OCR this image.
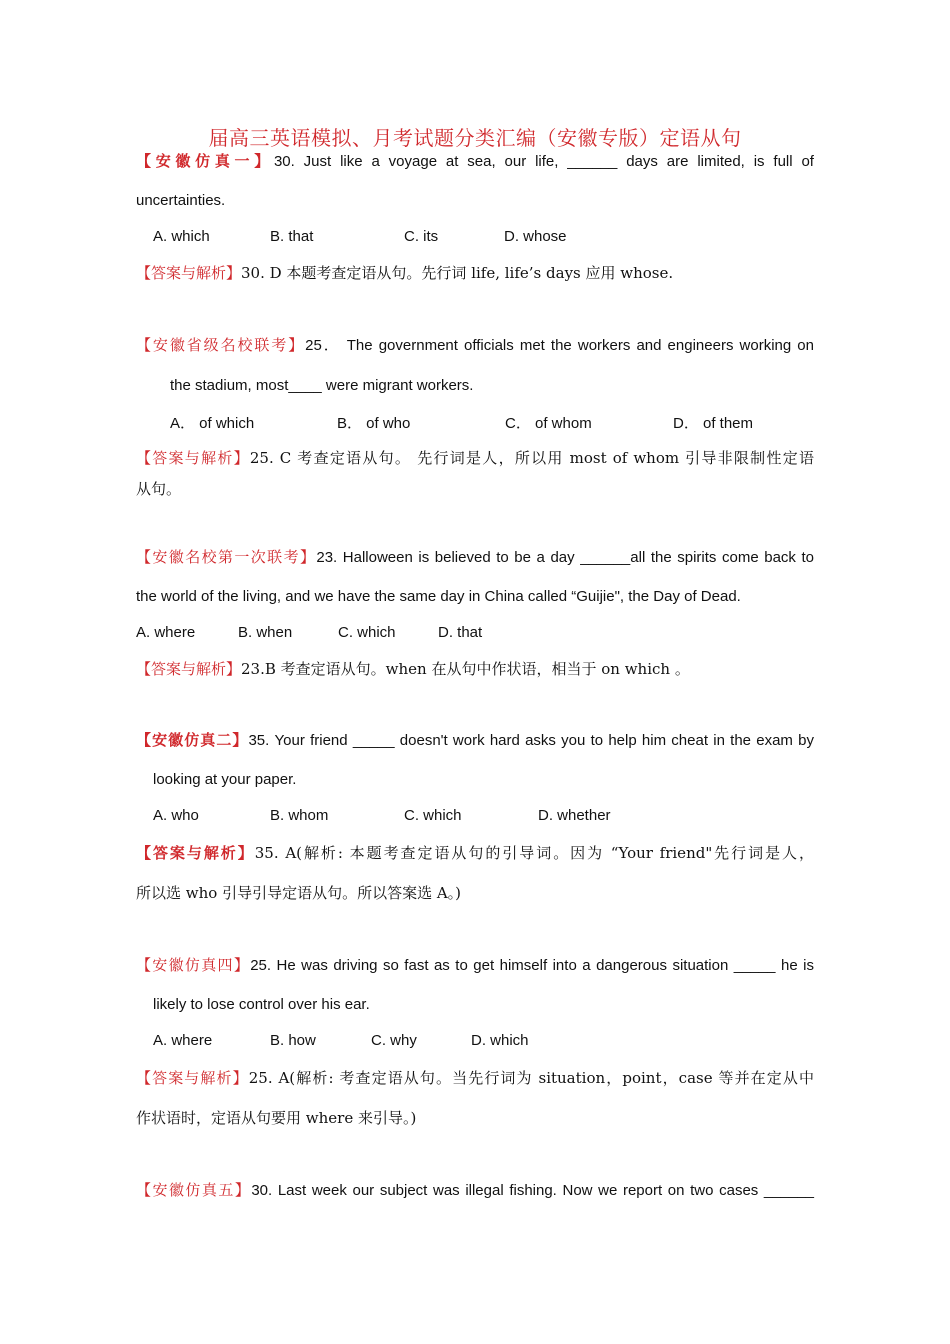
届高三英语模拟、月考试题分类汇编（安徽专版）定语从句
【安徽仿真一】30. Just like a voyage at sea, our life, ______ days are limited, is full of
uncertainties.
A. which	B. that	C. its	D. whose
【答案与解析】30. D 本题考查定语从句。先行词 life, life’s days 应用 whose.
【安徽省级名校联考】25． The government officials met the workers and engineers working on
the stadium, most____ were migrant workers.
A． of which	B． of who	C． of whom	D． of them
【答案与解析】25. C 考查定语从句。 先行词是人，所以用 most of whom 引导非限制性定语
从句。
【安徽名校第一次联考】23. Halloween is believed to be a day ______all the spirits come back to
the world of the living, and we have the same day in China called “Guijie", the Day of Dead.
A. where	B. when	C. which	D. that
【答案与解析】23.B 考查定语从句。when 在从句中作状语，相当于 on which 。
【安徽仿真二】35. Your friend _____ doesn't work hard asks you to help him cheat in the exam by
looking at your paper.
A. who	B. whom	C. which	D. whether
【答案与解析】35. A(解析: 本题考查定语从句的引导词。因为 “Your friend"先行词是人，
所以选 who 引导引导定语从句。所以答案选 A。)
【安徽仿真四】25. He was driving so fast as to get himself into a dangerous situation _____ he is
likely to lose control over his ear.
A. where	B. how	C. why	D. which
【答案与解析】25. A(解析: 考查定语从句。当先行词为 situation，point，case 等并在定从中
作状语时，定语从句要用 where 来引导。)
【安徽仿真五】30. Last week our subject was illegal fishing. Now we report on two cases ______
